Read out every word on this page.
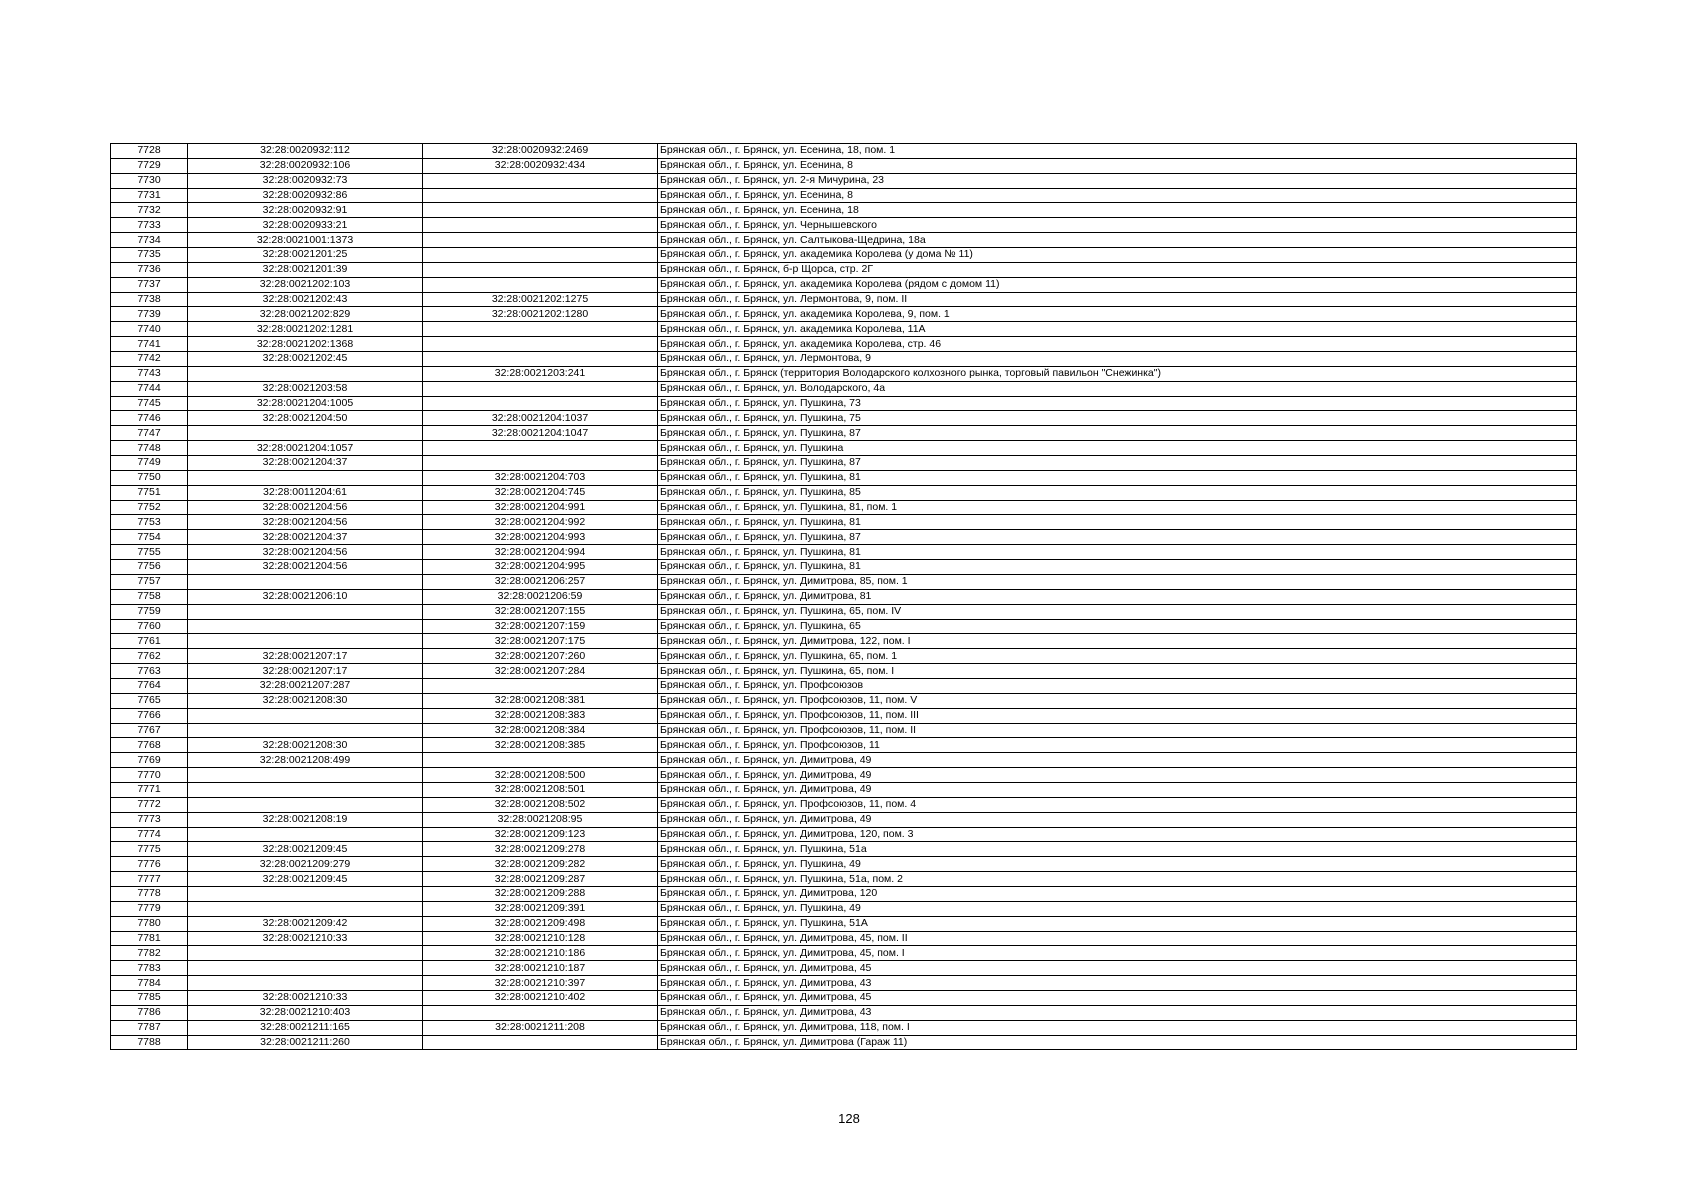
7728	32:28:0020932:112	32:28:0020932:2469	Брянская обл., г. Брянск, ул. Есенина, 18, пом. 1
7729	32:28:0020932:106	32:28:0020932:434	Брянская обл., г. Брянск, ул. Есенина, 8
7730	32:28:0020932:73		Брянская обл., г. Брянск, ул. 2-я Мичурина, 23
7731	32:28:0020932:86		Брянская обл., г. Брянск, ул. Есенина, 8
7732	32:28:0020932:91		Брянская обл., г. Брянск, ул. Есенина, 18
7733	32:28:0020933:21		Брянская обл., г. Брянск, ул. Чернышевского
7734	32:28:0021001:1373		Брянская обл., г. Брянск, ул. Салтыкова-Щедрина, 18а
7735	32:28:0021201:25		Брянская обл., г. Брянск, ул. академика Королева (у дома № 11)
7736	32:28:0021201:39		Брянская обл., г. Брянск, б-р Щорса, стр. 2Г
7737	32:28:0021202:103		Брянская обл., г. Брянск, ул. академика Королева (рядом с домом 11)
7738	32:28:0021202:43	32:28:0021202:1275	Брянская обл., г. Брянск, ул. Лермонтова, 9, пом. II
7739	32:28:0021202:829	32:28:0021202:1280	Брянская обл., г. Брянск, ул. академика Королева, 9, пом. 1
7740	32:28:0021202:1281		Брянская обл., г. Брянск, ул. академика Королева, 11А
7741	32:28:0021202:1368		Брянская обл., г. Брянск, ул. академика Королева, стр. 46
7742	32:28:0021202:45		Брянская обл., г. Брянск, ул. Лермонтова, 9
7743		32:28:0021203:241	Брянская обл., г. Брянск (территория Володарского колхозного рынка, торговый павильон "Снежинка")
7744	32:28:0021203:58		Брянская обл., г. Брянск, ул. Володарского, 4а
7745	32:28:0021204:1005		Брянская обл., г. Брянск, ул. Пушкина, 73
7746	32:28:0021204:50	32:28:0021204:1037	Брянская обл., г. Брянск, ул. Пушкина, 75
7747		32:28:0021204:1047	Брянская обл., г. Брянск, ул. Пушкина, 87
7748	32:28:0021204:1057		Брянская обл., г. Брянск, ул. Пушкина
7749	32:28:0021204:37		Брянская обл., г. Брянск, ул. Пушкина, 87
7750		32:28:0021204:703	Брянская обл., г. Брянск, ул. Пушкина, 81
7751	32:28:0011204:61	32:28:0021204:745	Брянская обл., г. Брянск, ул. Пушкина, 85
7752	32:28:0021204:56	32:28:0021204:991	Брянская обл., г. Брянск, ул. Пушкина, 81, пом. 1
7753	32:28:0021204:56	32:28:0021204:992	Брянская обл., г. Брянск, ул. Пушкина, 81
7754	32:28:0021204:37	32:28:0021204:993	Брянская обл., г. Брянск, ул. Пушкина, 87
7755	32:28:0021204:56	32:28:0021204:994	Брянская обл., г. Брянск, ул. Пушкина, 81
7756	32:28:0021204:56	32:28:0021204:995	Брянская обл., г. Брянск, ул. Пушкина, 81
7757		32:28:0021206:257	Брянская обл., г. Брянск, ул. Димитрова, 85, пом. 1
7758	32:28:0021206:10	32:28:0021206:59	Брянская обл., г. Брянск, ул. Димитрова, 81
7759		32:28:0021207:155	Брянская обл., г. Брянск, ул. Пушкина, 65, пом. IV
7760		32:28:0021207:159	Брянская обл., г. Брянск, ул. Пушкина, 65
7761		32:28:0021207:175	Брянская обл., г. Брянск, ул. Димитрова, 122, пом. I
7762	32:28:0021207:17	32:28:0021207:260	Брянская обл., г. Брянск, ул. Пушкина, 65, пом. 1
7763	32:28:0021207:17	32:28:0021207:284	Брянская обл., г. Брянск, ул. Пушкина, 65, пом. I
7764	32:28:0021207:287		Брянская обл., г. Брянск, ул. Профсоюзов
7765	32:28:0021208:30	32:28:0021208:381	Брянская обл., г. Брянск, ул. Профсоюзов, 11, пом. V
7766		32:28:0021208:383	Брянская обл., г. Брянск, ул. Профсоюзов, 11, пом. III
7767		32:28:0021208:384	Брянская обл., г. Брянск, ул. Профсоюзов, 11, пом. II
7768	32:28:0021208:30	32:28:0021208:385	Брянская обл., г. Брянск, ул. Профсоюзов, 11
7769	32:28:0021208:499		Брянская обл., г. Брянск, ул. Димитрова, 49
7770		32:28:0021208:500	Брянская обл., г. Брянск, ул. Димитрова, 49
7771		32:28:0021208:501	Брянская обл., г. Брянск, ул. Димитрова, 49
7772		32:28:0021208:502	Брянская обл., г. Брянск, ул. Профсоюзов, 11, пом. 4
7773	32:28:0021208:19	32:28:0021208:95	Брянская обл., г. Брянск, ул. Димитрова, 49
7774		32:28:0021209:123	Брянская обл., г. Брянск, ул. Димитрова, 120, пом. 3
7775	32:28:0021209:45	32:28:0021209:278	Брянская обл., г. Брянск, ул. Пушкина, 51а
7776	32:28:0021209:279	32:28:0021209:282	Брянская обл., г. Брянск, ул. Пушкина, 49
7777	32:28:0021209:45	32:28:0021209:287	Брянская обл., г. Брянск, ул. Пушкина, 51а, пом. 2
7778		32:28:0021209:288	Брянская обл., г. Брянск, ул. Димитрова, 120
7779		32:28:0021209:391	Брянская обл., г. Брянск, ул. Пушкина, 49
7780	32:28:0021209:42	32:28:0021209:498	Брянская обл., г. Брянск, ул. Пушкина, 51А
7781	32:28:0021210:33	32:28:0021210:128	Брянская обл., г. Брянск, ул. Димитрова, 45, пом. II
7782		32:28:0021210:186	Брянская обл., г. Брянск, ул. Димитрова, 45, пом. I
7783		32:28:0021210:187	Брянская обл., г. Брянск, ул. Димитрова, 45
7784		32:28:0021210:397	Брянская обл., г. Брянск, ул. Димитрова, 43
7785	32:28:0021210:33	32:28:0021210:402	Брянская обл., г. Брянск, ул. Димитрова, 45
7786	32:28:0021210:403		Брянская обл., г. Брянск, ул. Димитрова, 43
7787	32:28:0021211:165	32:28:0021211:208	Брянская обл., г. Брянск, ул. Димитрова, 118, пом. I
7788	32:28:0021211:260		Брянская обл., г. Брянск, ул. Димитрова (Гараж 11)
128
